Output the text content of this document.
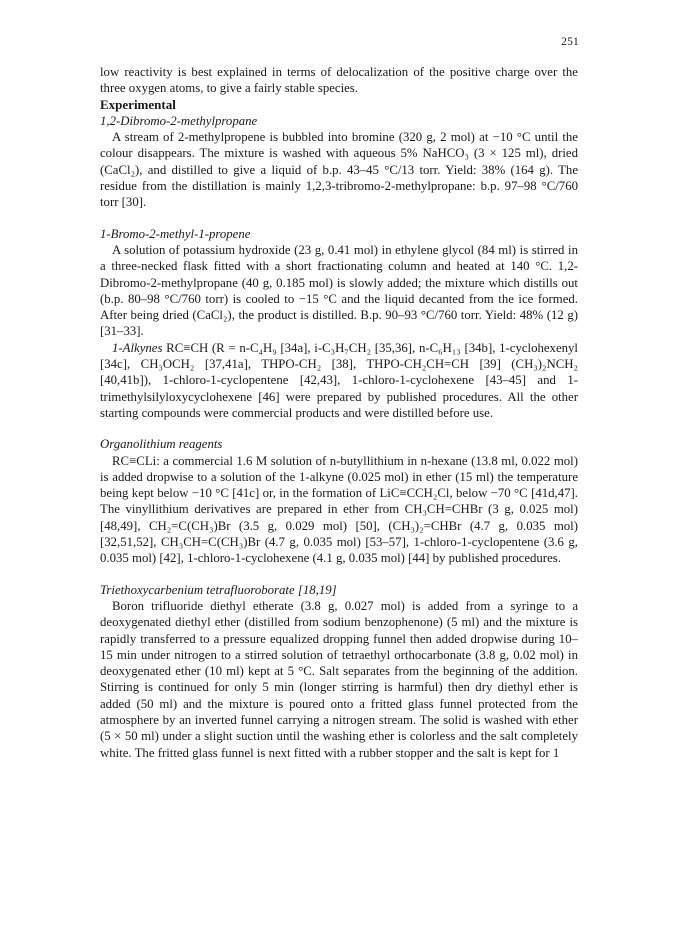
251

low reactivity is best explained in terms of delocalization of the positive charge over the three oxygen atoms, to give a fairly stable species.

Experimental

1,2-Dibromo-2-methylpropane

A stream of 2-methylpropene is bubbled into bromine (320 g, 2 mol) at −10 °C until the colour disappears. The mixture is washed with aqueous 5% NaHCO₃ (3 × 125 ml), dried (CaCl₂), and distilled to give a liquid of b.p. 43–45 °C/13 torr. Yield: 38% (164 g). The residue from the distillation is mainly 1,2,3-tribromo-2-methylpropane: b.p. 97–98 °C/760 torr [30].

1-Bromo-2-methyl-1-propene

A solution of potassium hydroxide (23 g, 0.41 mol) in ethylene glycol (84 ml) is stirred in a three-necked flask fitted with a short fractionating column and heated at 140 °C. 1,2-Dibromo-2-methylpropane (40 g, 0.185 mol) is slowly added; the mixture which distills out (b.p. 80–98 °C/760 torr) is cooled to −15 °C and the liquid decanted from the ice formed. After being dried (CaCl₂), the product is distilled. B.p. 90–93 °C/760 torr. Yield: 48% (12 g) [31–33].

1-Alkynes RC≡CH (R = n-C₄H₉ [34a], i-C₃H₇CH₂ [35,36], n-C₆H₁₃ [34b], 1-cyclohexenyl [34c], CH₃OCH₂ [37,41a], THPO-CH₂ [38], THPO-CH₂CH=CH [39] (CH₃)₂NCH₂ [40,41b]), 1-chloro-1-cyclopentene [42,43], 1-chloro-1-cyclohexene [43–45] and 1-trimethylsilyloxycyclohexene [46] were prepared by published procedures. All the other starting compounds were commercial products and were distilled before use.

Organolithium reagents

RC≡CLi: a commercial 1.6 M solution of n-butyllithium in n-hexane (13.8 ml, 0.022 mol) is added dropwise to a solution of the 1-alkyne (0.025 mol) in ether (15 ml) the temperature being kept below −10 °C [41c] or, in the formation of LiC≡CCH₂Cl, below −70 °C [41d,47]. The vinyllithium derivatives are prepared in ether from CH₃CH=CHBr (3 g, 0.025 mol) [48,49], CH₂=C(CH₃)Br (3.5 g, 0.029 mol) [50], (CH₃)₂=CHBr (4.7 g, 0.035 mol) [32,51,52], CH₃CH=C(CH₃)Br (4.7 g, 0.035 mol) [53–57], 1-chloro-1-cyclopentene (3.6 g, 0.035 mol) [42], 1-chloro-1-cyclohexene (4.1 g, 0.035 mol) [44] by published procedures.

Triethoxycarbenium tetrafluoroborate [18,19]

Boron trifluoride diethyl etherate (3.8 g, 0.027 mol) is added from a syringe to a deoxygenated diethyl ether (distilled from sodium benzophenone) (5 ml) and the mixture is rapidly transferred to a pressure equalized dropping funnel then added dropwise during 10–15 min under nitrogen to a stirred solution of tetraethyl orthocarbonate (3.8 g, 0.02 mol) in deoxygenated ether (10 ml) kept at 5 °C. Salt separates from the beginning of the addition. Stirring is continued for only 5 min (longer stirring is harmful) then dry diethyl ether is added (50 ml) and the mixture is poured onto a fritted glass funnel protected from the atmosphere by an inverted funnel carrying a nitrogen stream. The solid is washed with ether (5 × 50 ml) under a slight suction until the washing ether is colorless and the salt completely white. The fritted glass funnel is next fitted with a rubber stopper and the salt is kept for 1
